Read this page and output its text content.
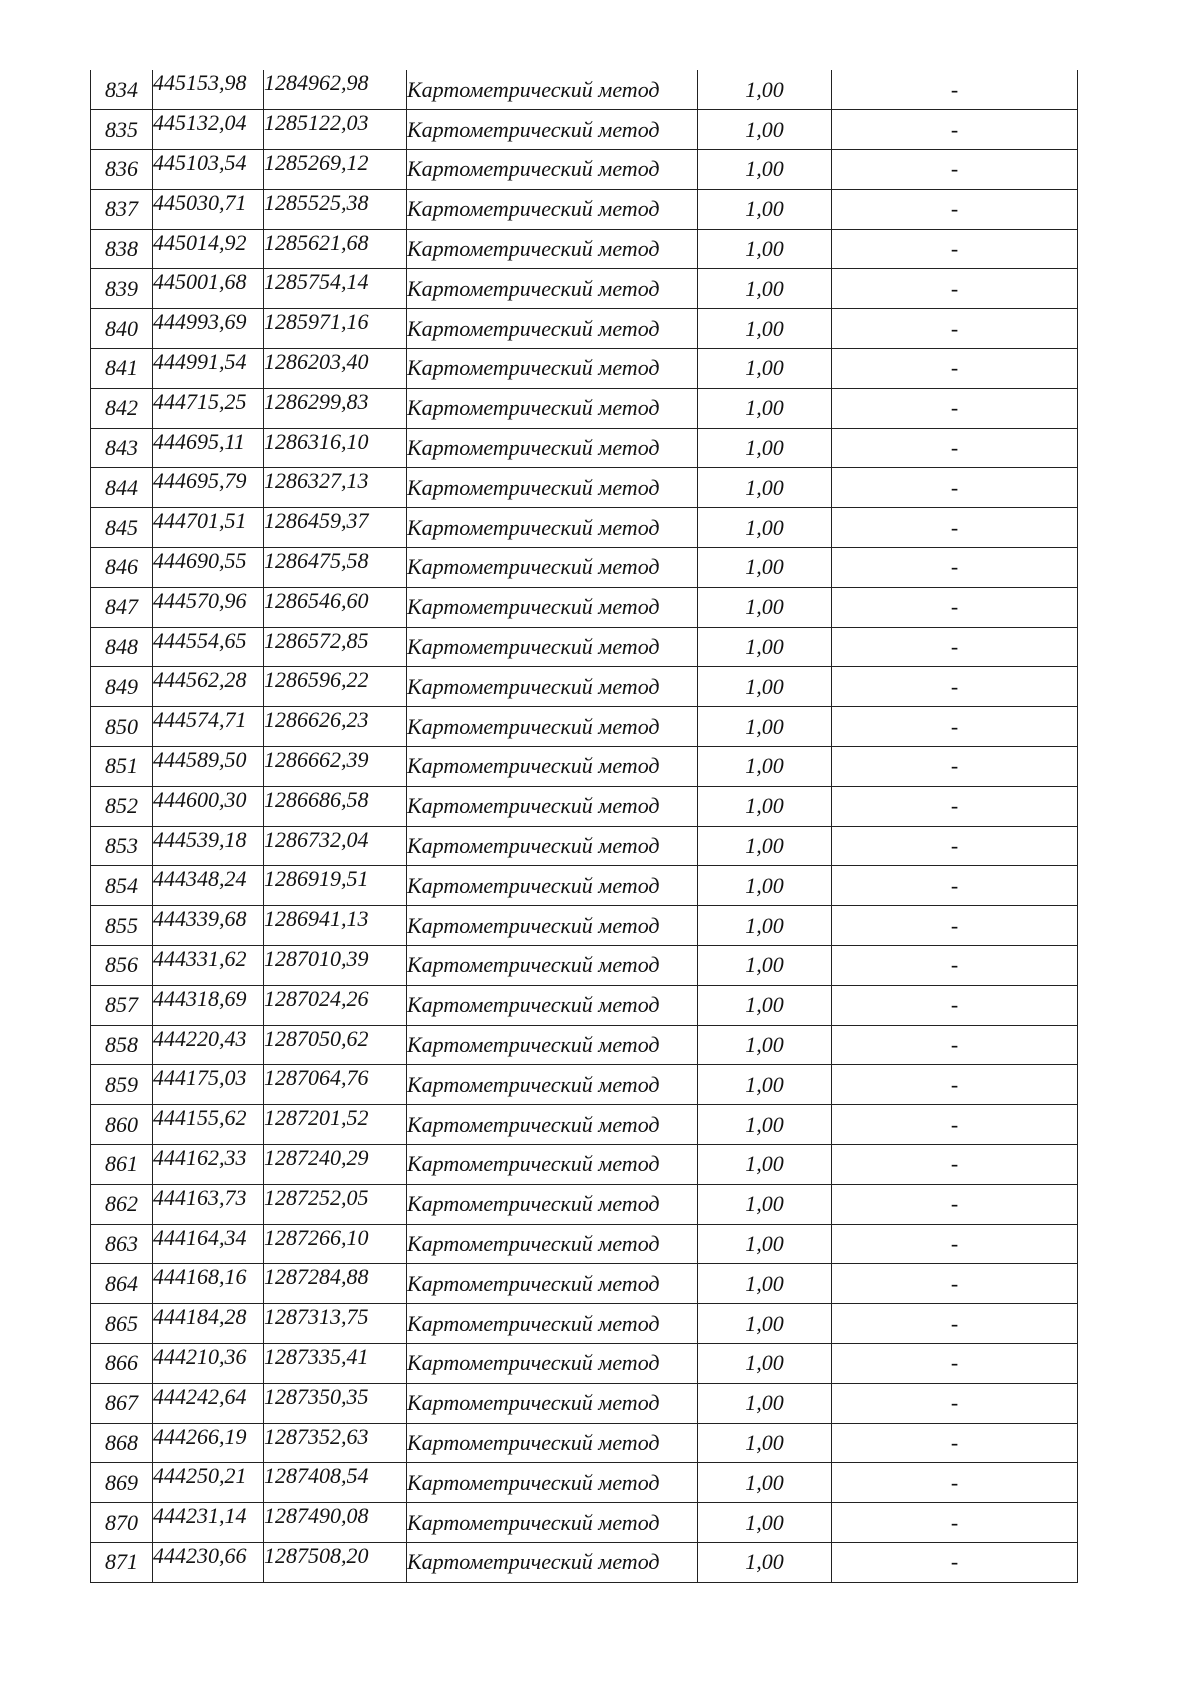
834	445153,98	1284962,98	Картометрический метод	1,00	-
835	445132,04	1285122,03	Картометрический метод	1,00	-
836	445103,54	1285269,12	Картометрический метод	1,00	-
837	445030,71	1285525,38	Картометрический метод	1,00	-
838	445014,92	1285621,68	Картометрический метод	1,00	-
839	445001,68	1285754,14	Картометрический метод	1,00	-
840	444993,69	1285971,16	Картометрический метод	1,00	-
841	444991,54	1286203,40	Картометрический метод	1,00	-
842	444715,25	1286299,83	Картометрический метод	1,00	-
843	444695,11	1286316,10	Картометрический метод	1,00	-
844	444695,79	1286327,13	Картометрический метод	1,00	-
845	444701,51	1286459,37	Картометрический метод	1,00	-
846	444690,55	1286475,58	Картометрический метод	1,00	-
847	444570,96	1286546,60	Картометрический метод	1,00	-
848	444554,65	1286572,85	Картометрический метод	1,00	-
849	444562,28	1286596,22	Картометрический метод	1,00	-
850	444574,71	1286626,23	Картометрический метод	1,00	-
851	444589,50	1286662,39	Картометрический метод	1,00	-
852	444600,30	1286686,58	Картометрический метод	1,00	-
853	444539,18	1286732,04	Картометрический метод	1,00	-
854	444348,24	1286919,51	Картометрический метод	1,00	-
855	444339,68	1286941,13	Картометрический метод	1,00	-
856	444331,62	1287010,39	Картометрический метод	1,00	-
857	444318,69	1287024,26	Картометрический метод	1,00	-
858	444220,43	1287050,62	Картометрический метод	1,00	-
859	444175,03	1287064,76	Картометрический метод	1,00	-
860	444155,62	1287201,52	Картометрический метод	1,00	-
861	444162,33	1287240,29	Картометрический метод	1,00	-
862	444163,73	1287252,05	Картометрический метод	1,00	-
863	444164,34	1287266,10	Картометрический метод	1,00	-
864	444168,16	1287284,88	Картометрический метод	1,00	-
865	444184,28	1287313,75	Картометрический метод	1,00	-
866	444210,36	1287335,41	Картометрический метод	1,00	-
867	444242,64	1287350,35	Картометрический метод	1,00	-
868	444266,19	1287352,63	Картометрический метод	1,00	-
869	444250,21	1287408,54	Картометрический метод	1,00	-
870	444231,14	1287490,08	Картометрический метод	1,00	-
871	444230,66	1287508,20	Картометрический метод	1,00	-
